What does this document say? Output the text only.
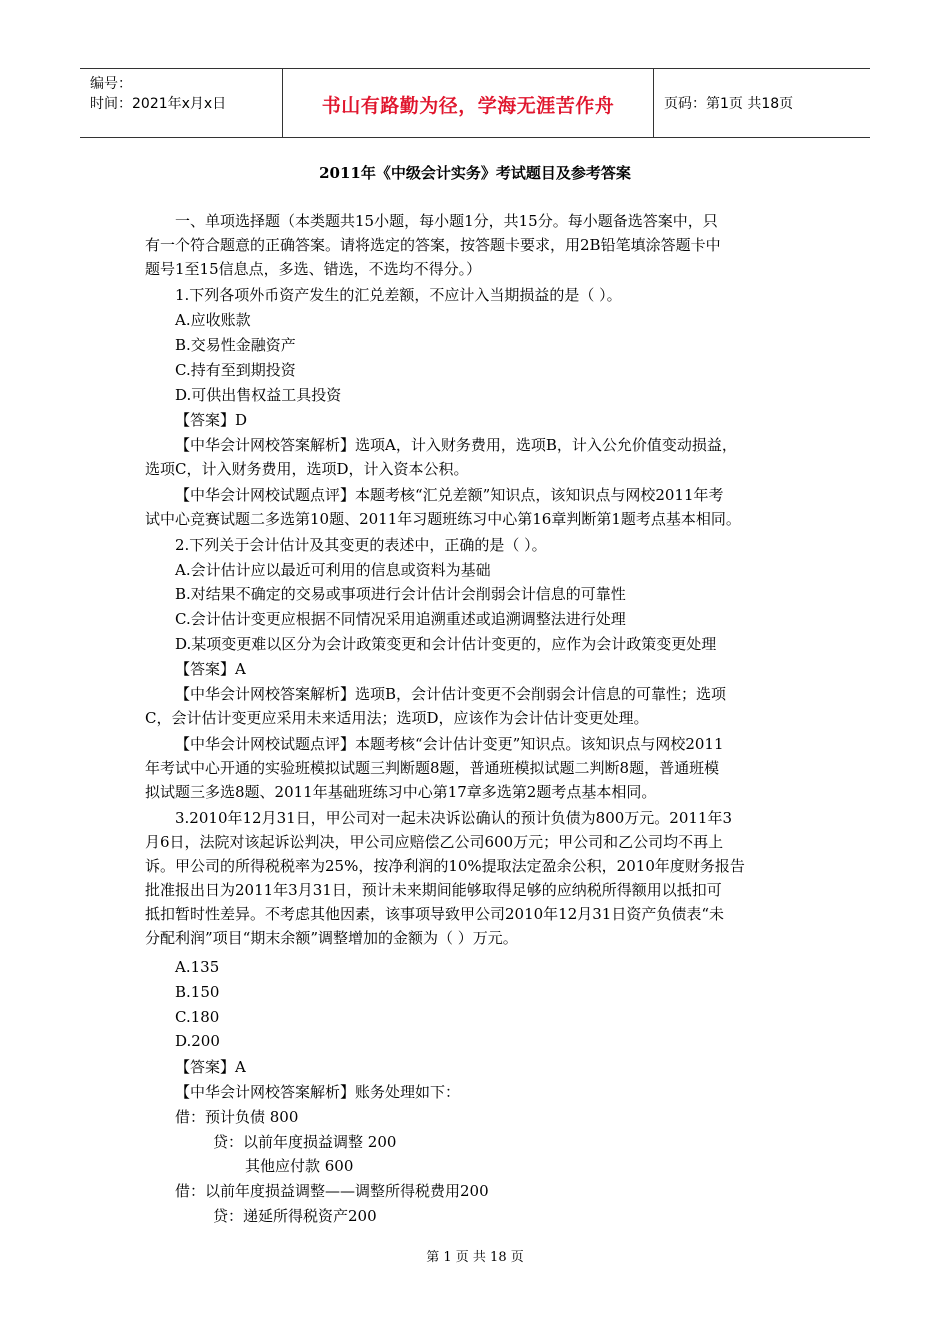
编号：
时间：2021年x月x日	书山有路勤为径，学海无涯苦作舟	页码：第1页 共18页
2011年《中级会计实务》考试题目及参考答案
一、单项选择题（本类题共15小题，每小题1分，共15分。每小题备选答案中，只
有一个符合题意的正确答案。请将选定的答案，按答题卡要求，用2B铅笔填涂答题卡中
题号1至15信息点，多选、错选，不选均不得分。）
1.下列各项外币资产发生的汇兑差额，不应计入当期损益的是（ ）。
A.应收账款
B.交易性金融资产
C.持有至到期投资
D.可供出售权益工具投资
【答案】D
【中华会计网校答案解析】选项A，计入财务费用，选项B，计入公允价值变动损益，
选项C，计入财务费用，选项D，计入资本公积。
【中华会计网校试题点评】本题考核“汇兑差额”知识点，该知识点与网校2011年考
试中心竞赛试题二多选第10题、2011年习题班练习中心第16章判断第1题考点基本相同。
2.下列关于会计估计及其变更的表述中，正确的是（ ）。
A.会计估计应以最近可利用的信息或资料为基础
B.对结果不确定的交易或事项进行会计估计会削弱会计信息的可靠性
C.会计估计变更应根据不同情况采用追溯重述或追溯调整法进行处理
D.某项变更难以区分为会计政策变更和会计估计变更的，应作为会计政策变更处理
【答案】A
【中华会计网校答案解析】选项B，会计估计变更不会削弱会计信息的可靠性；选项
C，会计估计变更应采用未来适用法；选项D，应该作为会计估计变更处理。
【中华会计网校试题点评】本题考核“会计估计变更”知识点。该知识点与网校2011
年考试中心开通的实验班模拟试题三判断题8题，普通班模拟试题二判断8题，普通班模
拟试题三多选8题、2011年基础班练习中心第17章多选第2题考点基本相同。
3.2010年12月31日，甲公司对一起未决诉讼确认的预计负债为800万元。2011年3
月6日，法院对该起诉讼判决，甲公司应赔偿乙公司600万元；甲公司和乙公司均不再上
诉。甲公司的所得税税率为25%，按净利润的10%提取法定盈余公积，2010年度财务报告
批准报出日为2011年3月31日，预计未来期间能够取得足够的应纳税所得额用以抵扣可
抵扣暂时性差异。不考虑其他因素，该事项导致甲公司2010年12月31日资产负债表“未
分配利润”项目“期末余额”调整增加的金额为（ ）万元。
A.135
B.150
C.180
D.200
【答案】A
【中华会计网校答案解析】账务处理如下：
借：预计负债 800
贷：以前年度损益调整 200
其他应付款 600
借：以前年度损益调整——调整所得税费用200
贷：递延所得税资产200
第 1 页 共 18 页
